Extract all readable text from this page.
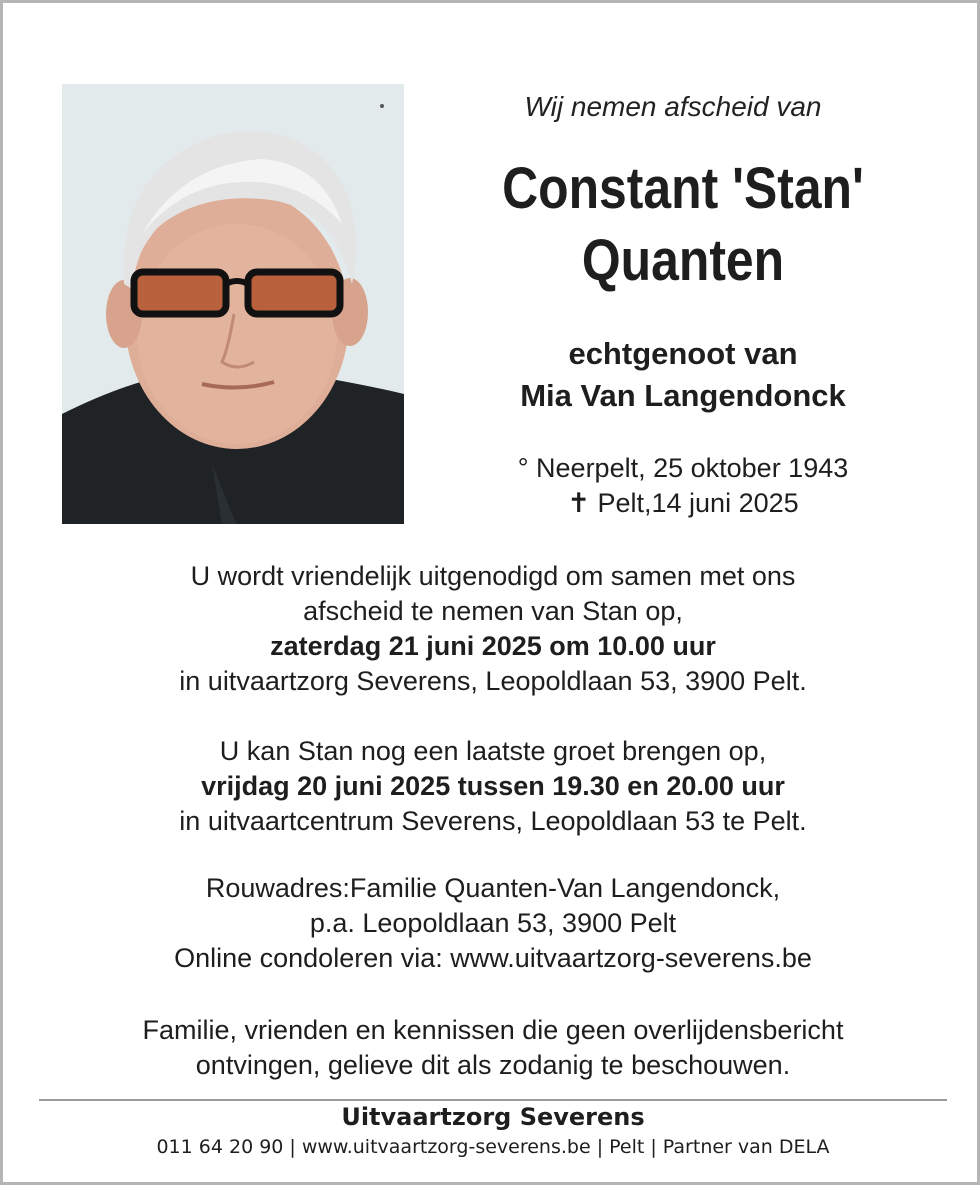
Wij nemen afscheid van
Constant 'Stan'
Quanten
echtgenoot van
Mia Van Langendonck
° Neerpelt, 25 oktober 1943
✝ Pelt,14 juni 2025
U wordt vriendelijk uitgenodigd om samen met ons
afscheid te nemen van Stan op,
zaterdag 21 juni 2025 om 10.00 uur
in uitvaartzorg Severens, Leopoldlaan 53, 3900 Pelt.
U kan Stan nog een laatste groet brengen op,
vrijdag 20 juni 2025 tussen 19.30 en 20.00 uur
in uitvaartcentrum Severens, Leopoldlaan 53 te Pelt.
Rouwadres:Familie Quanten-Van Langendonck,
p.a. Leopoldlaan 53, 3900 Pelt
Online condoleren via: www.uitvaartzorg-severens.be
Familie, vrienden en kennissen die geen overlijdensbericht
ontvingen, gelieve dit als zodanig te beschouwen.
Uitvaartzorg Severens
011 64 20 90 | www.uitvaartzorg-severens.be | Pelt | Partner van DELA
